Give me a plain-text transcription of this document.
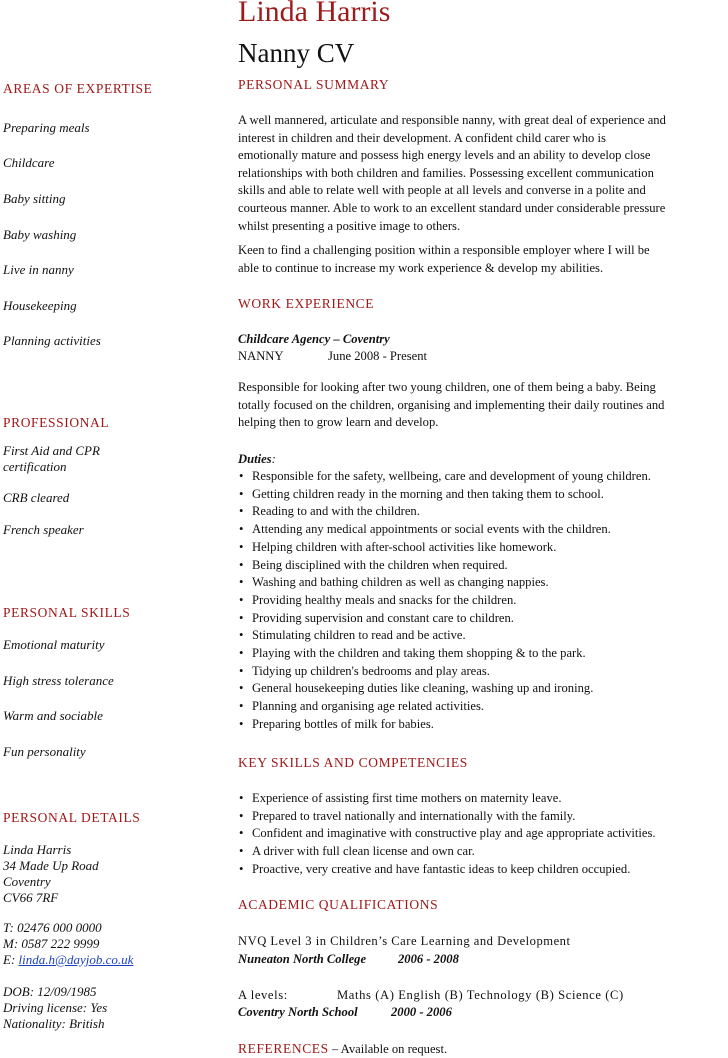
Linda Harris
Nanny CV
AREAS OF EXPERTISE
Preparing meals
Childcare
Baby sitting
Baby washing
Live in nanny
Housekeeping
Planning activities
PROFESSIONAL
First Aid and CPR certification
CRB cleared
French speaker
PERSONAL SKILLS
Emotional maturity
High stress tolerance
Warm and sociable
Fun personality
PERSONAL DETAILS
Linda Harris
34 Made Up Road
Coventry
CV66 7RF
T: 02476 000 0000
M: 0587 222 9999
E: linda.h@dayjob.co.uk
DOB: 12/09/1985
Driving license: Yes
Nationality: British
PERSONAL SUMMARY
A well mannered, articulate and responsible nanny, with great deal of experience and
interest in children and their development. A confident child carer who is
emotionally mature and possess high energy levels and an ability to develop close
relationships with both children and families. Possessing excellent communication
skills and able to relate well with people at all levels and converse in a polite and
courteous manner. Able to work to an excellent standard under considerable pressure
whilst presenting a positive image to others.
Keen to find a challenging position within a responsible employer where I will be
able to continue to increase my work experience & develop my abilities.
WORK EXPERIENCE
Childcare Agency – Coventry
NANNY	June 2008 - Present
Responsible for looking after two young children, one of them being a baby. Being
totally focused on the children, organising and implementing their daily routines and
helping then to grow learn and develop.
Duties:
• Responsible for the safety, wellbeing, care and development of young children.
• Getting children ready in the morning and then taking them to school.
• Reading to and with the children.
• Attending any medical appointments or social events with the children.
• Helping children with after-school activities like homework.
• Being disciplined with the children when required.
• Washing and bathing children as well as changing nappies.
• Providing healthy meals and snacks for the children.
• Providing supervision and constant care to children.
• Stimulating children to read and be active.
• Playing with the children and taking them shopping & to the park.
• Tidying up children's bedrooms and play areas.
• General housekeeping duties like cleaning, washing up and ironing.
• Planning and organising age related activities.
• Preparing bottles of milk for babies.
KEY SKILLS AND COMPETENCIES
• Experience of assisting first time mothers on maternity leave.
• Prepared to travel nationally and internationally with the family.
• Confident and imaginative with constructive play and age appropriate activities.
• A driver with full clean license and own car.
• Proactive, very creative and have fantastic ideas to keep children occupied.
ACADEMIC QUALIFICATIONS
NVQ Level 3 in Children’s Care Learning and Development
Nuneaton North College	2006 - 2008
A levels:	Maths (A) English (B) Technology (B) Science (C)
Coventry North School	2000 - 2006
REFERENCES – Available on request.
